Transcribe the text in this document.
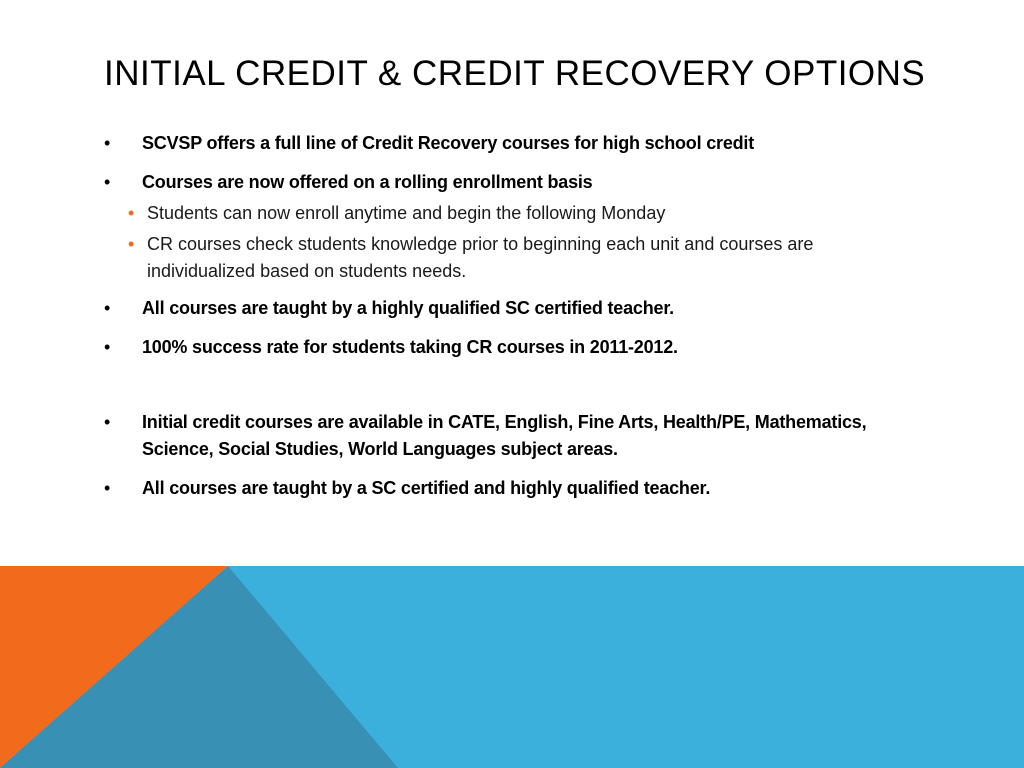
INITIAL CREDIT & CREDIT RECOVERY OPTIONS
• SCVSP offers a full line of Credit Recovery courses for high school credit
• Courses are now offered on a rolling enrollment basis
• Students can now enroll anytime and begin the following Monday
• CR courses check students knowledge prior to beginning each unit and courses are individualized based on students needs.
• All courses are taught by a highly qualified SC certified teacher.
• 100% success rate for students taking CR courses in 2011-2012.
• Initial credit courses are available in CATE, English, Fine Arts, Health/PE, Mathematics, Science, Social Studies, World Languages subject areas.
• All courses are taught by a SC certified and highly qualified teacher.
